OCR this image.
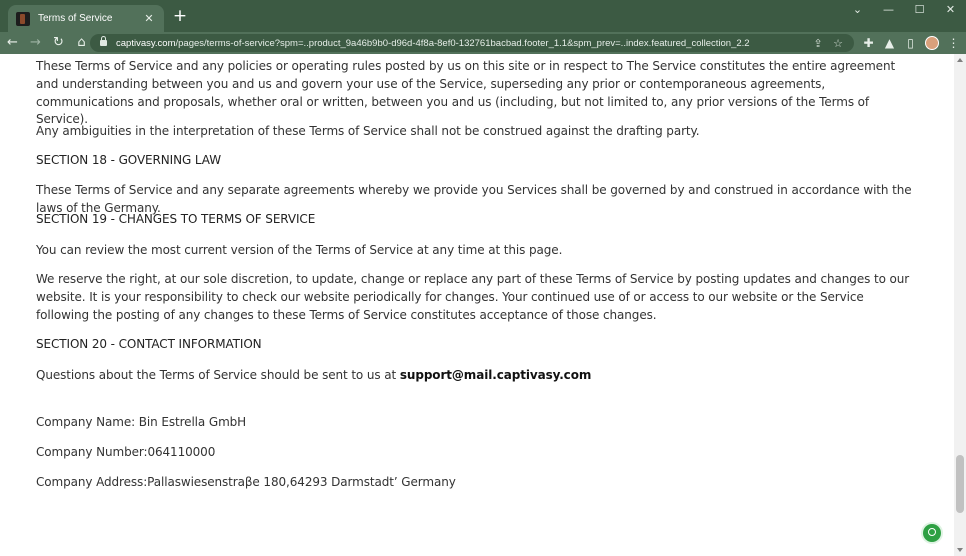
Terms of Service	✕ +	⌄	—	☐	✕
← → ↻	⌂	captivasy.com/pages/terms-of-service?spm=..product_9a46b9b0-d96d-4f8a-8ef0-132761bacbad.footer_1.1&spm_prev=..index.featured_collection_2.2	⇪ ☆	✚ ▲	▯	⋮

These Terms of Service and any policies or operating rules posted by us on this site or in respect to The Service constitutes the entire agreement and understanding between you and us and govern your use of the Service, superseding any prior or contemporaneous agreements, communications and proposals, whether oral or written, between you and us (including, but not limited to, any prior versions of the Terms of Service).

Any ambiguities in the interpretation of these Terms of Service shall not be construed against the drafting party.

SECTION 18 - GOVERNING LAW

These Terms of Service and any separate agreements whereby we provide you Services shall be governed by and construed in accordance with the laws of the Germany.

SECTION 19 - CHANGES TO TERMS OF SERVICE

You can review the most current version of the Terms of Service at any time at this page.

We reserve the right, at our sole discretion, to update, change or replace any part of these Terms of Service by posting updates and changes to our website. It is your responsibility to check our website periodically for changes. Your continued use of or access to our website or the Service following the posting of any changes to these Terms of Service constitutes acceptance of those changes.

SECTION 20 - CONTACT INFORMATION

Questions about the Terms of Service should be sent to us at support@mail.captivasy.com

Company Name: Bin Estrella GmbH

Company Number:064110000

Company Address:Pallaswiesenstraβe 180,64293 Darmstadt’ Germany
